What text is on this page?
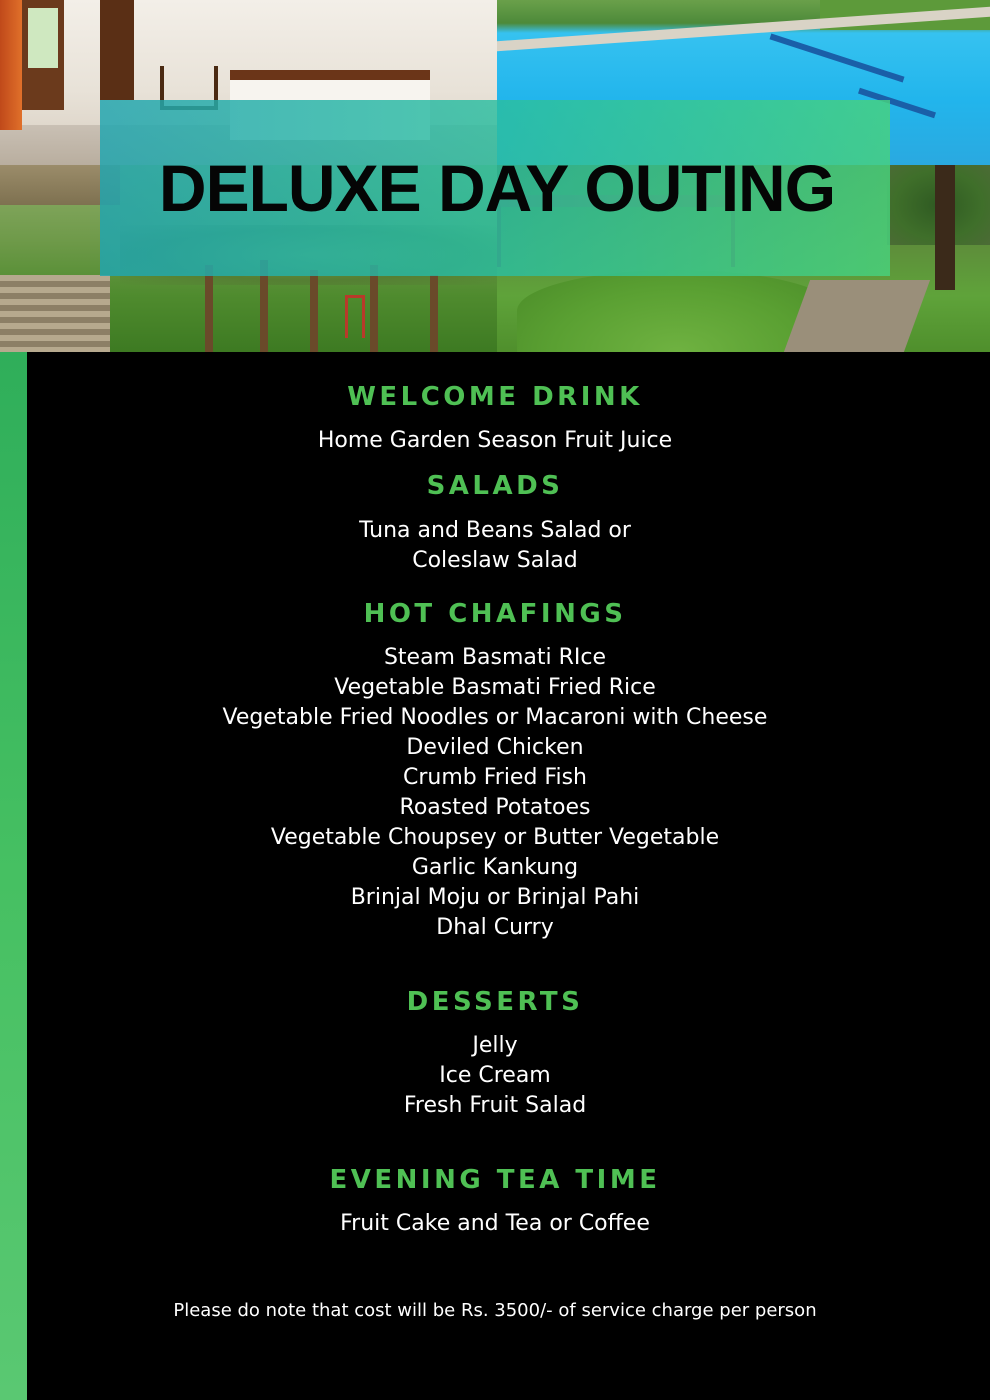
DELUXE DAY OUTING
WELCOME DRINK
Home Garden Season Fruit Juice
SALADS
Tuna and Beans Salad or
Coleslaw Salad
HOT CHAFINGS
Steam Basmati RIce
Vegetable Basmati Fried Rice
Vegetable Fried Noodles or Macaroni with Cheese
Deviled Chicken
Crumb Fried Fish
Roasted Potatoes
Vegetable Choupsey or Butter Vegetable
Garlic Kankung
Brinjal Moju or Brinjal Pahi
Dhal Curry
DESSERTS
Jelly
Ice Cream
Fresh Fruit Salad
EVENING TEA TIME
Fruit Cake and Tea or Coffee
Please do note that cost will be Rs. 3500/- of service charge per person
